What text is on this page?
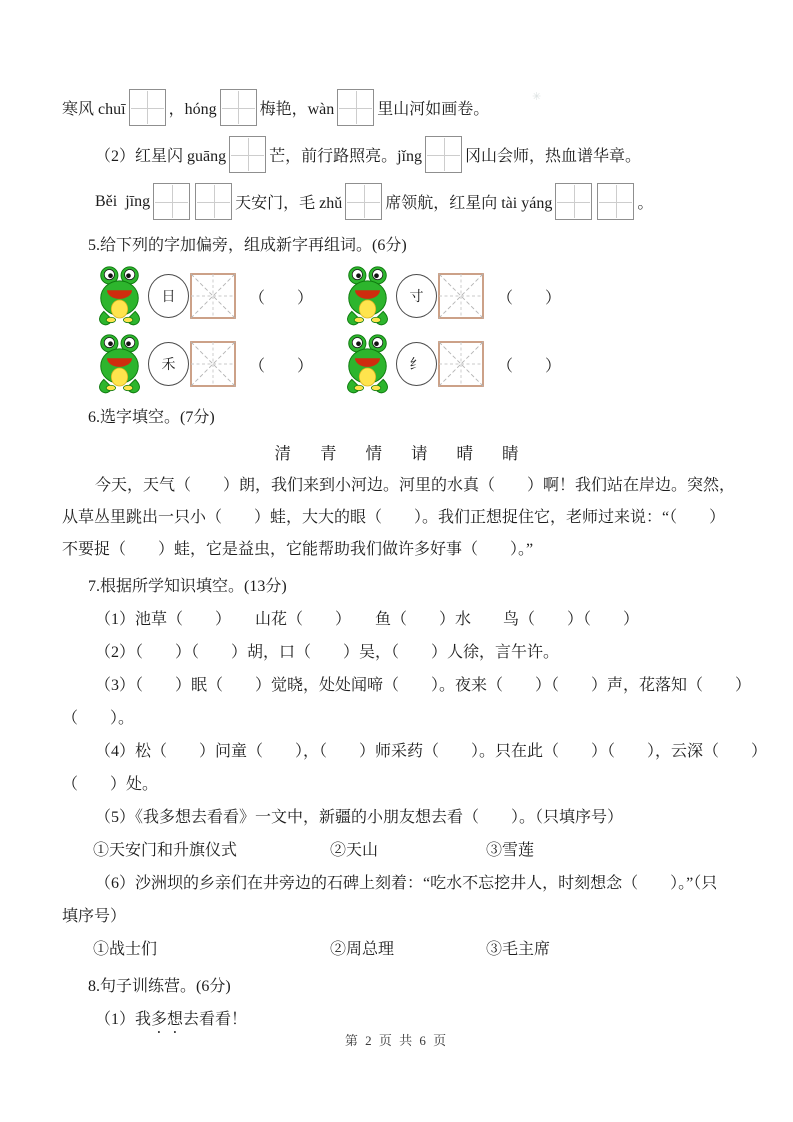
✳
寒风 chuī	，hóng	梅艳，wàn	里山河如画卷。
（2）红星闪 guāng	芒，前行路照亮。jǐng	冈山会师，热血谱华章。
Běi  jīng	天安门，毛 zhǔ	席领航，红星向 tài yáng	。
5.给下列的字加偏旁，组成新字再组词。(6分)
日	（　　）	寸	（　　）
禾	（　　）	纟	（　　）
6.选字填空。(7分)
清 青 情 请 晴 睛

今天，天气（　　）朗，我们来到小河边。河里的水真（　　）啊！我们站在岸边。突然，

从草丛里跳出一只小（　　）蛙，大大的眼（　　）。我们正想捉住它，老师过来说：“（　　）

不要捉（　　）蛙，它是益虫，它能帮助我们做许多好事（　　）。”

7.根据所学知识填空。(13分)

（1）池草（　　）　　山花（　　）　　鱼（　　）水　　鸟（　　）（　　）

（2）（　　）（　　）胡，口（　　）吴，（　　）人徐，言午许。

（3）（　　）眠（　　）觉晓，处处闻啼（　　）。夜来（　　）（　　）声，花落知（　　）

（　　）。

（4）松（　　）问童（　　），（　　）师采药（　　）。只在此（　　）（　　），云深（　　）

（　　）处。

（5）《我多想去看看》一文中，新疆的小朋友想去看（　　）。（只填序号）

①天安门和升旗仪式	②天山	③雪莲

（6）沙洲坝的乡亲们在井旁边的石碑上刻着：“吃水不忘挖井人，时刻想念（　　）。”（只

填序号）

①战士们	②周总理	③毛主席
8.句子训练营。(6分)

（1）我多想去看看！

第 2 页 共 6 页
